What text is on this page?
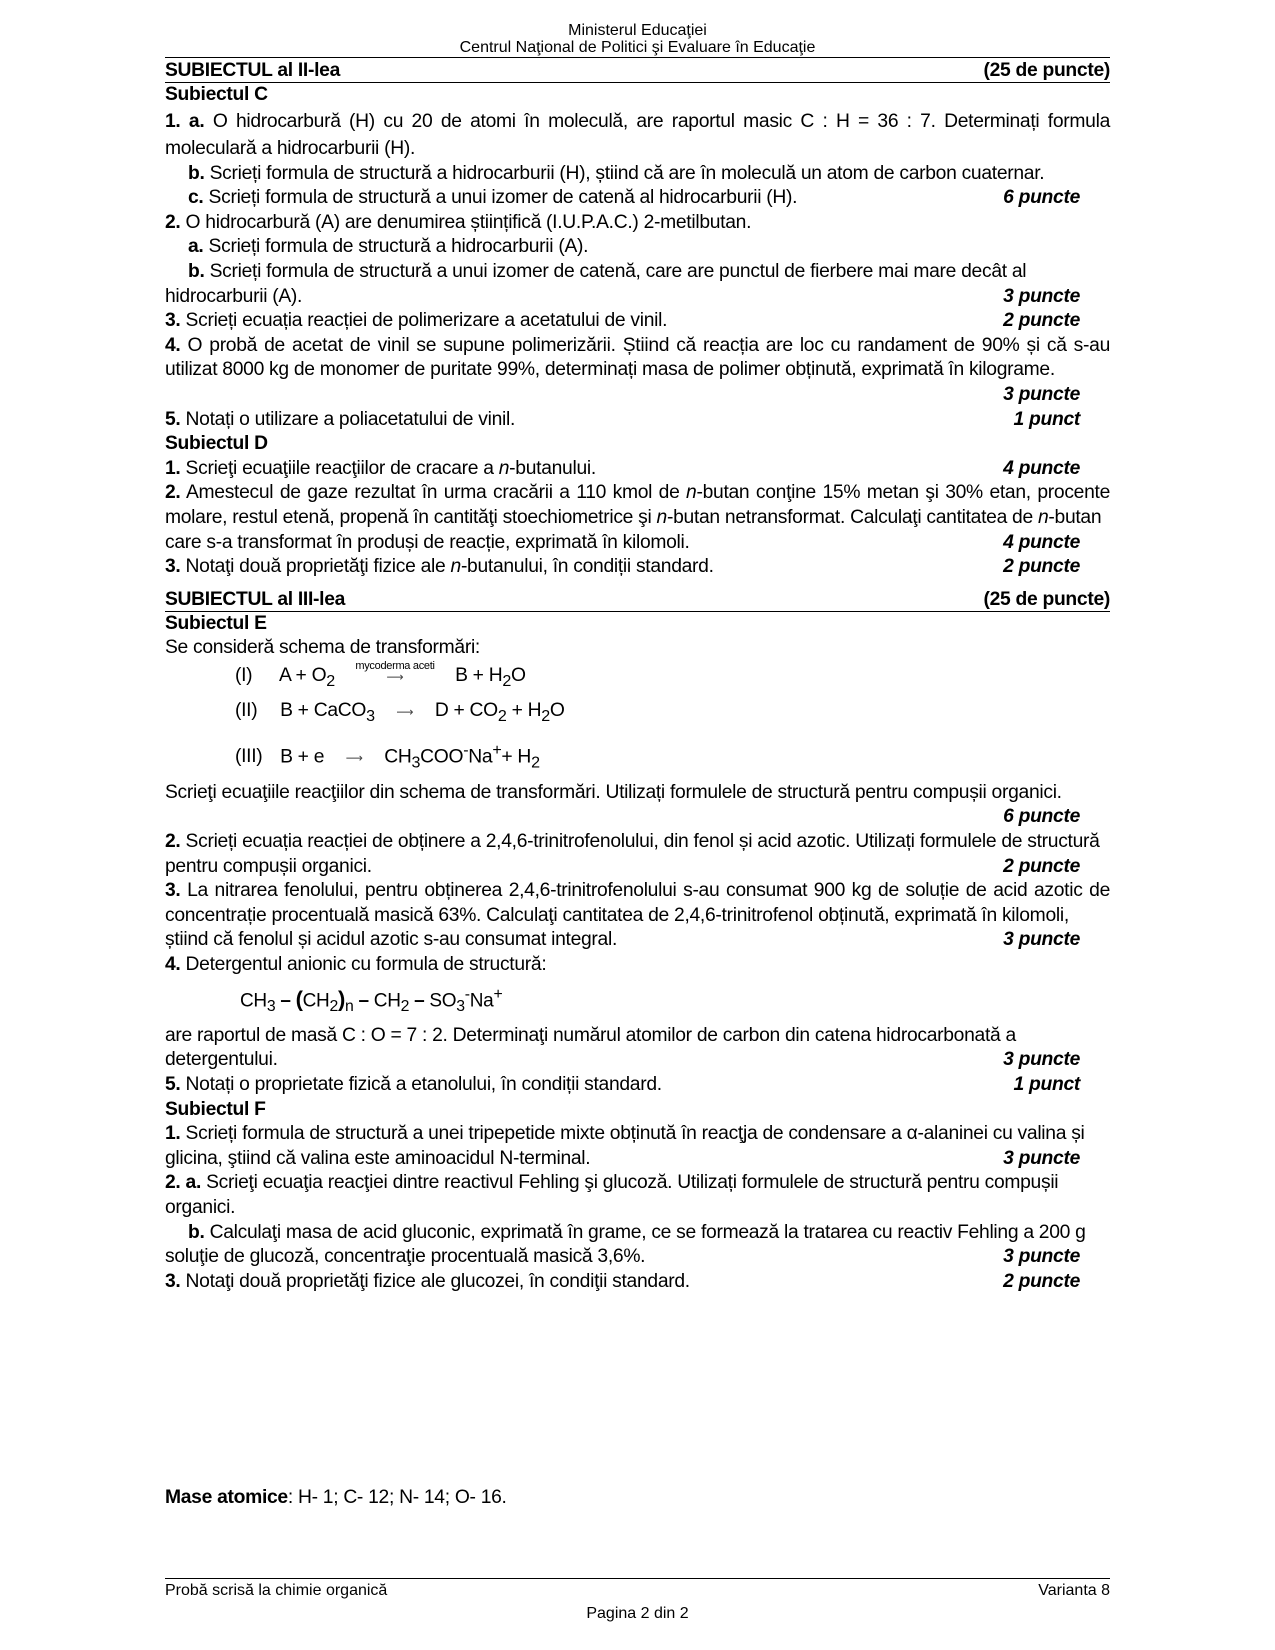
Ministerul Educaţiei
Centrul Naţional de Politici şi Evaluare în Educaţie
SUBIECTUL al II-lea	(25 de puncte)
Subiectul C
1. a. O hidrocarbură (H) cu 20 de atomi în moleculă, are raportul masic C : H = 36 : 7. Determinați formula moleculară a hidrocarburii (H).
b. Scrieți formula de structură a hidrocarburii (H), știind că are în moleculă un atom de carbon cuaternar.
c. Scrieți formula de structură a unui izomer de catenă al hidrocarburii (H).	6 puncte
2. O hidrocarbură (A) are denumirea științifică (I.U.P.A.C.) 2-metilbutan.
a. Scrieți formula de structură a hidrocarburii (A).
b. Scrieți formula de structură a unui izomer de catenă, care are punctul de fierbere mai mare decât al
hidrocarburii (A).	3 puncte
3. Scrieți ecuația reacției de polimerizare a acetatului de vinil.	2 puncte
4. O probă de acetat de vinil se supune polimerizării. Știind că reacția are loc cu randament de 90% și că s-au utilizat 8000 kg de monomer de puritate 99%, determinați masa de polimer obținută, exprimată în kilograme.
3 puncte
5. Notați o utilizare a poliacetatului de vinil.	1 punct
Subiectul D
1. Scrieţi ecuaţiile reacţiilor de cracare a n-butanului.	4 puncte
2. Amestecul de gaze rezultat în urma cracării a 110 kmol de n-butan conţine 15% metan şi 30% etan, procente molare, restul etenă, propenă în cantităţi stoechiometrice şi n-butan netransformat. Calculaţi cantitatea de n-butan
care s-a transformat în produși de reacție, exprimată în kilomoli.	4 puncte
3. Notaţi două proprietăţi fizice ale n-butanului, în condiții standard.	2 puncte
SUBIECTUL al III-lea	(25 de puncte)
Subiectul E
Se consideră schema de transformări:
(I) $A + O_2$
mycoderma aceti
⟶	$B + H_2O$
(II) B + CaCO$_3$ ⟶ $D + CO_2 + H_2O$
(III) B + e ⟶ $CH_3COO^-Na^++ H_2$
Scrieţi ecuaţiile reacţiilor din schema de transformări. Utilizați formulele de structură pentru compușii organici.
6 puncte
2. Scrieți ecuația reacției de obținere a 2,4,6-trinitrofenolului, din fenol și acid azotic. Utilizați formulele de structură
pentru compușii organici.	2 puncte
3. La nitrarea fenolului, pentru obținerea 2,4,6-trinitrofenolului s-au consumat 900 kg de soluție de acid azotic de concentrație procentuală masică 63%. Calculaţi cantitatea de 2,4,6-trinitrofenol obținută, exprimată în kilomoli,
știind că fenolul și acidul azotic s-au consumat integral.	3 puncte
4. Detergentul anionic cu formula de structură:
$CH_3 - (CH_2)_n - CH_2 - SO_3^-Na^+$
are raportul de masă C : O = 7 : 2. Determinaţi numărul atomilor de carbon din catena hidrocarbonată a
detergentului.	3 puncte
5. Notați o proprietate fizică a etanolului, în condiții standard.	1 punct
Subiectul F
1. Scrieți formula de structură a unei tripepetide mixte obținută în reacţja de condensare a α-alaninei cu valina și
glicina, ştiind că valina este aminoacidul N-terminal.	3 puncte
2. a. Scrieţi ecuaţia reacţiei dintre reactivul Fehling şi glucoză. Utilizați formulele de structură pentru compușii organici.
b. Calculaţi masa de acid gluconic, exprimată în grame, ce se formează la tratarea cu reactiv Fehling a 200 g
soluţie de glucoză, concentraţie procentuală masică 3,6%.	3 puncte
3. Notaţi două proprietăţi fizice ale glucozei, în condiţii standard.	2 puncte
Mase atomice: H- 1; C- 12; N- 14; O- 16.
Probă scrisă la chimie organică	Varianta 8
Pagina 2 din 2
